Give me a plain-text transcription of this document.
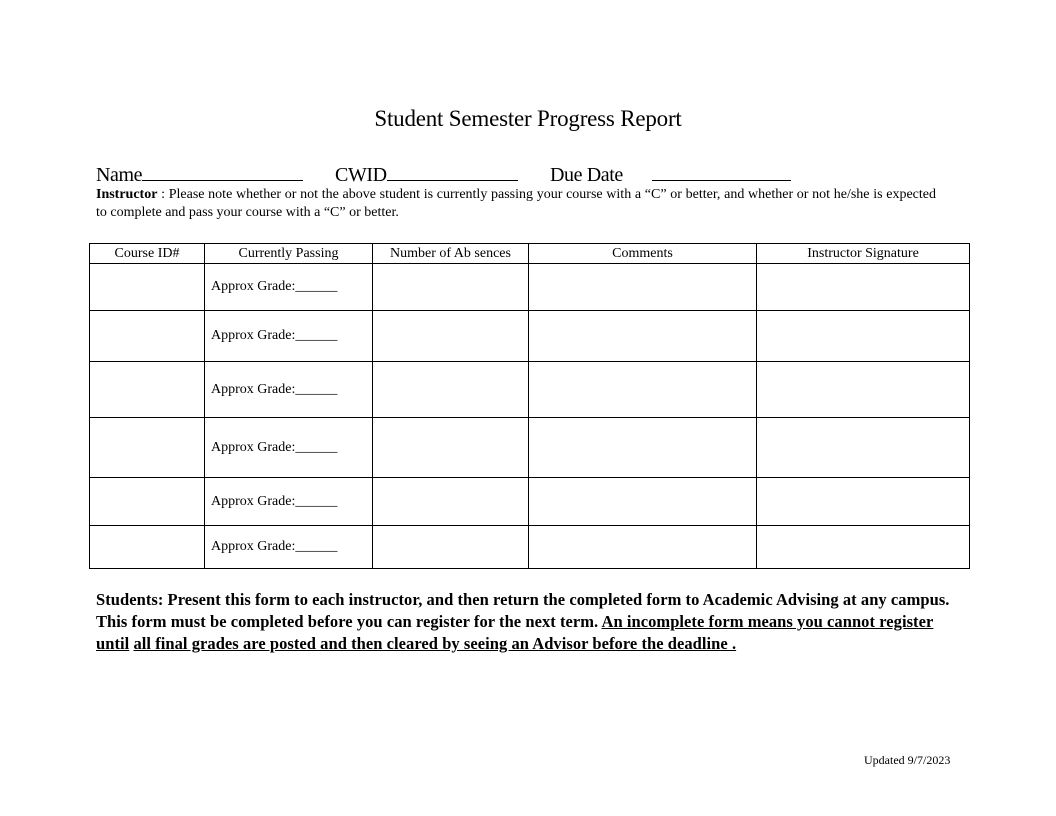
Student Semester Progress Report
Name	CWID	Due Date
Instructor : Please note whether or not the above student is currently passing your course with a “C” or better, and whether or not he/she is expected to complete and pass your course with a “C” or better.
Course ID#	Currently Passing	Number of Ab sences	Comments	Instructor Signature
	Approx Grade:______			
	Approx Grade:______			
	Approx Grade:______			
	Approx Grade:______			
	Approx Grade:______			
	Approx Grade:______			
Students: Present this form to each instructor, and then return the completed form to Academic Advising at any campus. This form must be completed before you can register for the next term. An incomplete form means you cannot register until all final grades are posted and then cleared by seeing an Advisor before the deadline .
Updated 9/7/2023
